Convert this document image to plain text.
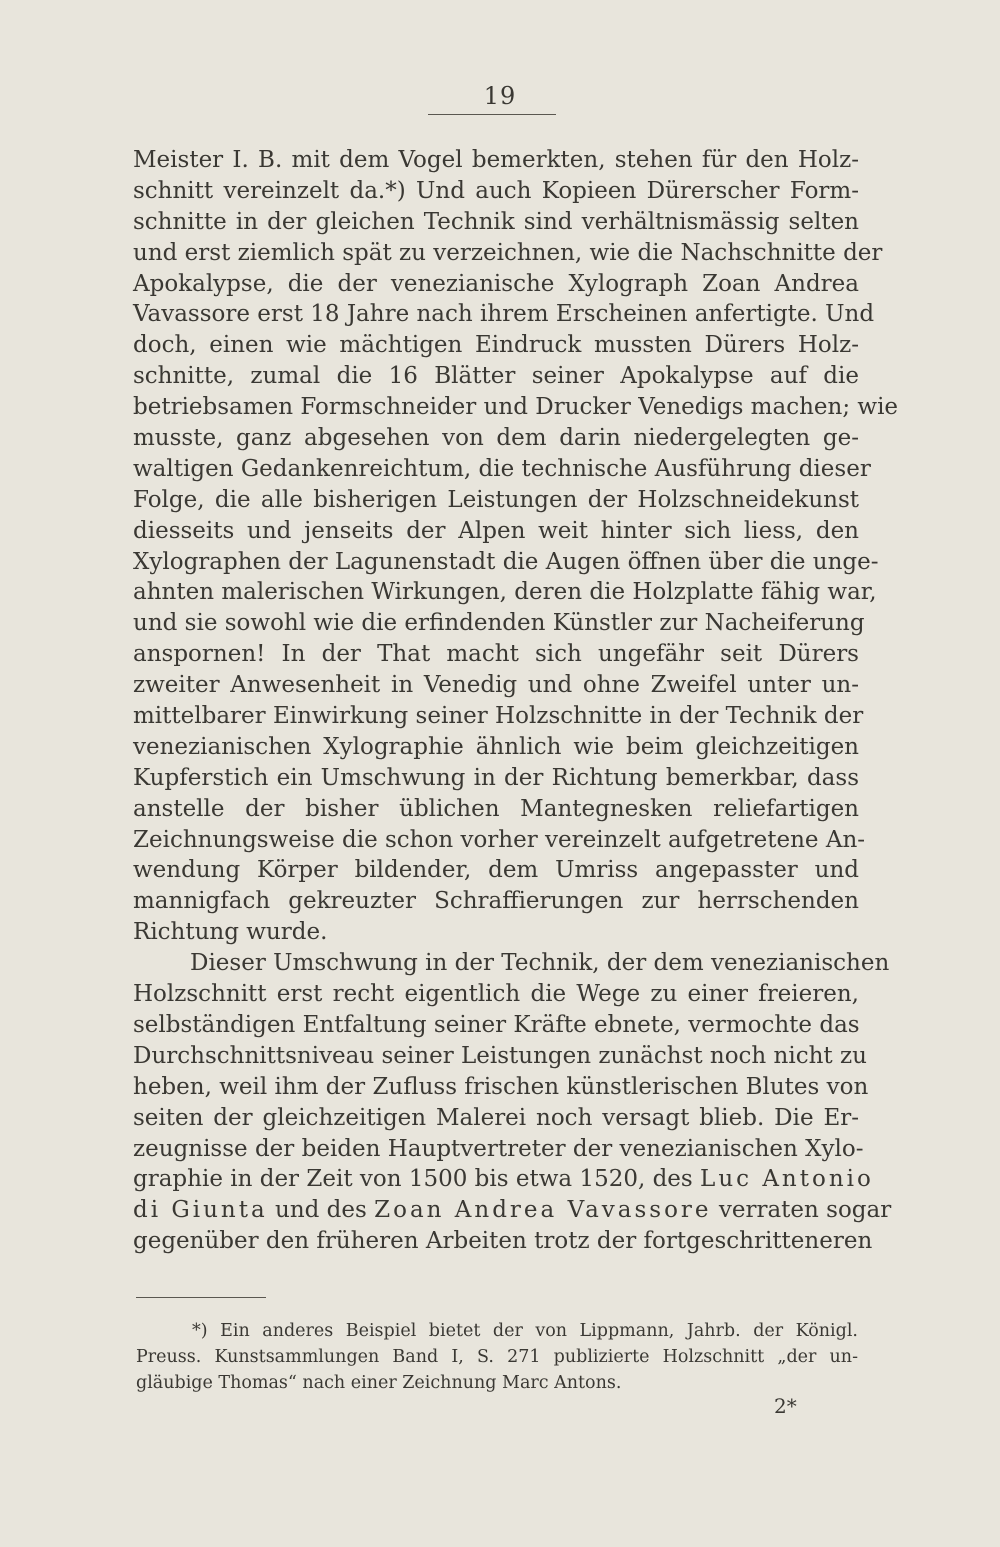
19
Meister I. B. mit dem Vogel bemerkten, stehen für den Holz-
schnitt vereinzelt da.*) Und auch Kopieen Dürerscher Form-
schnitte in der gleichen Technik sind verhältnismässig selten
und erst ziemlich spät zu verzeichnen, wie die Nachschnitte der
Apokalypse, die der venezianische Xylograph Zoan Andrea
Vavassore erst 18 Jahre nach ihrem Erscheinen anfertigte. Und
doch, einen wie mächtigen Eindruck mussten Dürers Holz-
schnitte, zumal die 16 Blätter seiner Apokalypse auf die
betriebsamen Formschneider und Drucker Venedigs machen; wie
musste, ganz abgesehen von dem darin niedergelegten ge-
waltigen Gedankenreichtum, die technische Ausführung dieser
Folge, die alle bisherigen Leistungen der Holzschneidekunst
diesseits und jenseits der Alpen weit hinter sich liess, den
Xylographen der Lagunenstadt die Augen öffnen über die unge-
ahnten malerischen Wirkungen, deren die Holzplatte fähig war,
und sie sowohl wie die erfindenden Künstler zur Nacheiferung
anspornen! In der That macht sich ungefähr seit Dürers
zweiter Anwesenheit in Venedig und ohne Zweifel unter un-
mittelbarer Einwirkung seiner Holzschnitte in der Technik der
venezianischen Xylographie ähnlich wie beim gleichzeitigen
Kupferstich ein Umschwung in der Richtung bemerkbar, dass
anstelle der bisher üblichen Mantegnesken reliefartigen
Zeichnungsweise die schon vorher vereinzelt aufgetretene An-
wendung Körper bildender, dem Umriss angepasster und
mannigfach gekreuzter Schraffierungen zur herrschenden
Richtung wurde.
Dieser Umschwung in der Technik, der dem venezianischen
Holzschnitt erst recht eigentlich die Wege zu einer freieren,
selbständigen Entfaltung seiner Kräfte ebnete, vermochte das
Durchschnittsniveau seiner Leistungen zunächst noch nicht zu
heben, weil ihm der Zufluss frischen künstlerischen Blutes von
seiten der gleichzeitigen Malerei noch versagt blieb. Die Er-
zeugnisse der beiden Hauptvertreter der venezianischen Xylo-
graphie in der Zeit von 1500 bis etwa 1520, des Luc Antonio
di Giunta und des Zoan Andrea Vavassore verraten sogar
gegenüber den früheren Arbeiten trotz der fortgeschritteneren
*) Ein anderes Beispiel bietet der von Lippmann, Jahrb. der Königl.
Preuss. Kunstsammlungen Band I, S. 271 publizierte Holzschnitt „der un-
gläubige Thomas“ nach einer Zeichnung Marc Antons.
2*
